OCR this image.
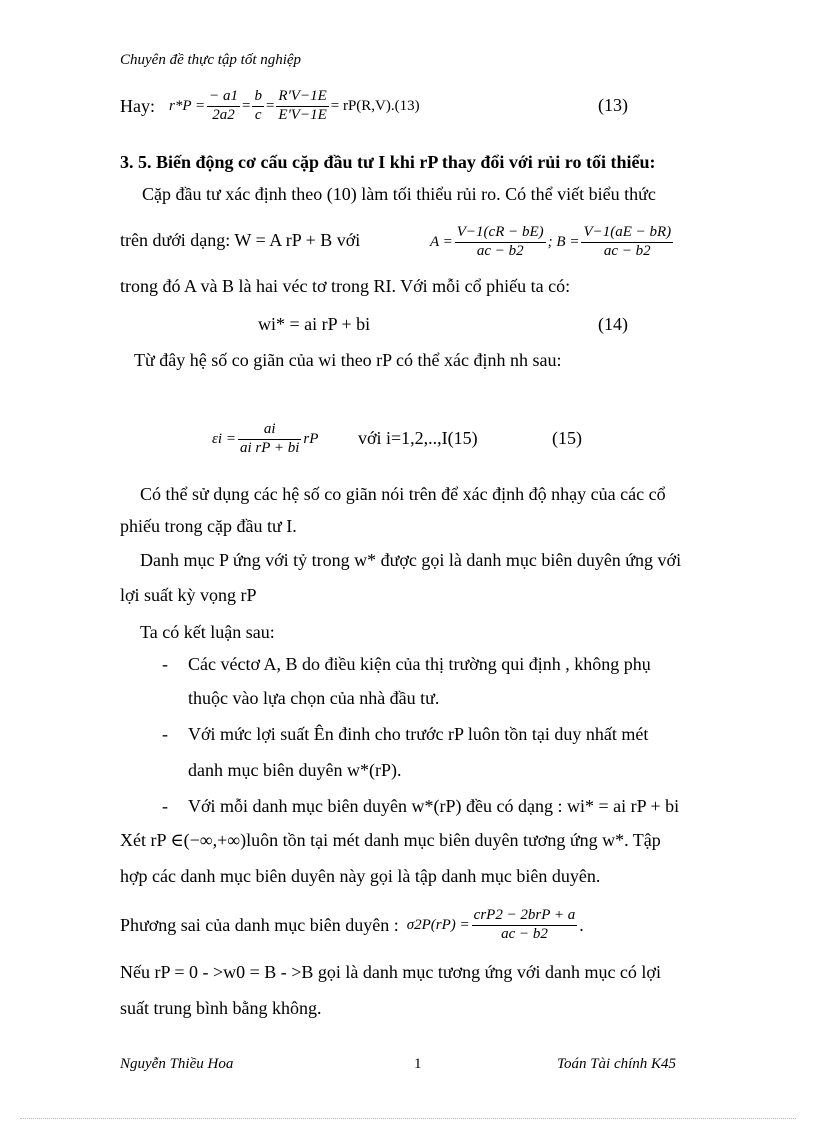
Chuyên đề thực tập tốt nghiệp
Hay: $r*P = \frac{- a1}{2a2} = \frac{b}{c} = \frac{R'V-1E}{E'V-1E} = rP(R,V).(13)$	(13)
3. 5. Biến động cơ cấu cặp đầu tư I khi rP thay đổi với rủi ro tối thiểu:
Cặp đầu tư xác định theo (10) làm tối thiểu rủi ro. Có thể viết biểu thức
trên dưới dạng: W = A rP + B với	$A = \frac{V-1(cR - bE)}{ac - b2}$ ; $B = \frac{V-1(aE - bR)}{ac - b2}$
trong đó A và B là hai véc tơ trong RI. Với mỗi cổ phiếu ta có:
wi* = ai rP + bi	(14)
Từ đây hệ số co giãn của wi theo rP có thể xác định nh sau:
$\varepsilon i = \frac{ai}{\text{ai rP + bi}}$ rP với i=1,2,..,I(15)	(15)
Có thể sử dụng các hệ số co giãn nói trên để xác định độ nhạy của các cổ
phiếu trong cặp đầu tư I.
Danh mục P ứng với tỷ trong w* được gọi là danh mục biên duyên ứng với
lợi suất kỳ vọng rP
Ta có kết luận sau:
- Các véctơ A, B do điều kiện của thị trường qui định , không phụ
thuộc vào lựa chọn của nhà đầu tư.
- Với mức lợi suất Ên đinh cho trước rP luôn tồn tại duy nhất mét
danh mục biên duyên w*(rP).
- Với mỗi danh mục biên duyên w*(rP) đều có dạng : wi* = ai rP + bi
Xét rP ∈(−∞,+∞)luôn tồn tại mét danh mục biên duyên tương ứng w*. Tập
hợp các danh mục biên duyên này gọi là tập danh mục biên duyên.
Phương sai của danh mục biên duyên : $\sigma 2P(rP) = \frac{\text{crP2 − 2brP + a}}{ac - b2}$ .
Nếu rP = 0 - >w0 = B - >B gọi là danh mục tương ứng với danh mục có lợi
suất trung bình bằng không.
Nguyễn Thiều Hoa	1	Toán Tài chính K45
